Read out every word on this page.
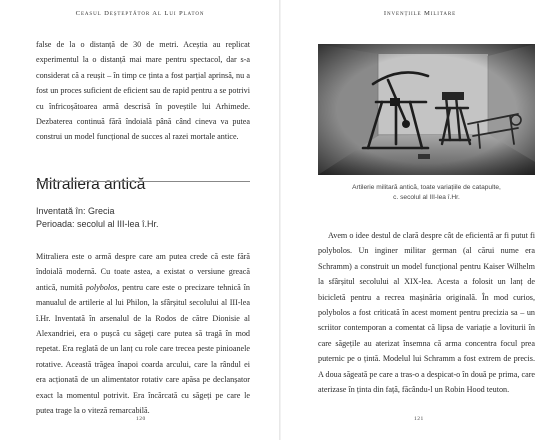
Ceasul Deșteptător Al Lui Platon

false de la o distanță de 30 de metri. Aceștia au replicat experimentul la o distanță mai mare pentru spectacol, dar s-a considerat că a reușit – în timp ce ținta a fost parțial aprinsă, nu a fost un proces suficient de eficient sau de rapid pentru a se potrivi cu înfricoșătoarea armă descrisă în poveștile lui Arhimede. Dezbaterea continuă fără îndoială până când cineva va putea construi un model funcțional de succes al razei mortale antice.

Mitraliera antică
Inventată în: Grecia
Perioada: secolul al III-lea î.Hr.

Mitraliera este o armă despre care am putea crede că este fără îndoială modernă. Cu toate astea, a existat o versiune greacă antică, numită polybolos, pentru care este o precizare tehnică în manualul de artilerie al lui Philon, la sfârșitul secolului al III-lea î.Hr. Inventată în arsenalul de la Rodos de către Dionisie al Alexandriei, era o pușcă cu săgeți care putea să tragă în mod repetat. Era reglată de un lanț cu role care trecea peste pinioanele rotative. Această trăgea înapoi coarda arcului, care la rândul ei era acționată de un alimentator rotativ care apăsa pe declanșator exact la momentul potrivit. Era încărcată cu săgeți pe care le putea trage la o viteză remarcabilă.

120
Invențiile Militare
Artilerie militară antică, toate variațiile de catapulte,
c. secolul al III-lea î.Hr.

Avem o idee destul de clară despre cât de eficientă ar fi putut fi polybolos. Un inginer militar german (al cărui nume era Schramm) a construit un model funcțional pentru Kaiser Wilhelm la sfârșitul secolului al XIX-lea. Acesta a folosit un lanț de bicicletă pentru a recrea mașinăria originală. În mod curios, polybolos a fost criticată în acest moment pentru precizia sa – un scriitor contemporan a comentat că lipsa de variație a loviturii în care săgețile au aterizat însemna că arma concentra focul prea puternic pe o țintă. Modelul lui Schramm a fost extrem de precis. A doua săgeată pe care a tras-o a despicat-o în două pe prima, care aterizase în ținta din față, făcându-l un Robin Hood teuton.

121
